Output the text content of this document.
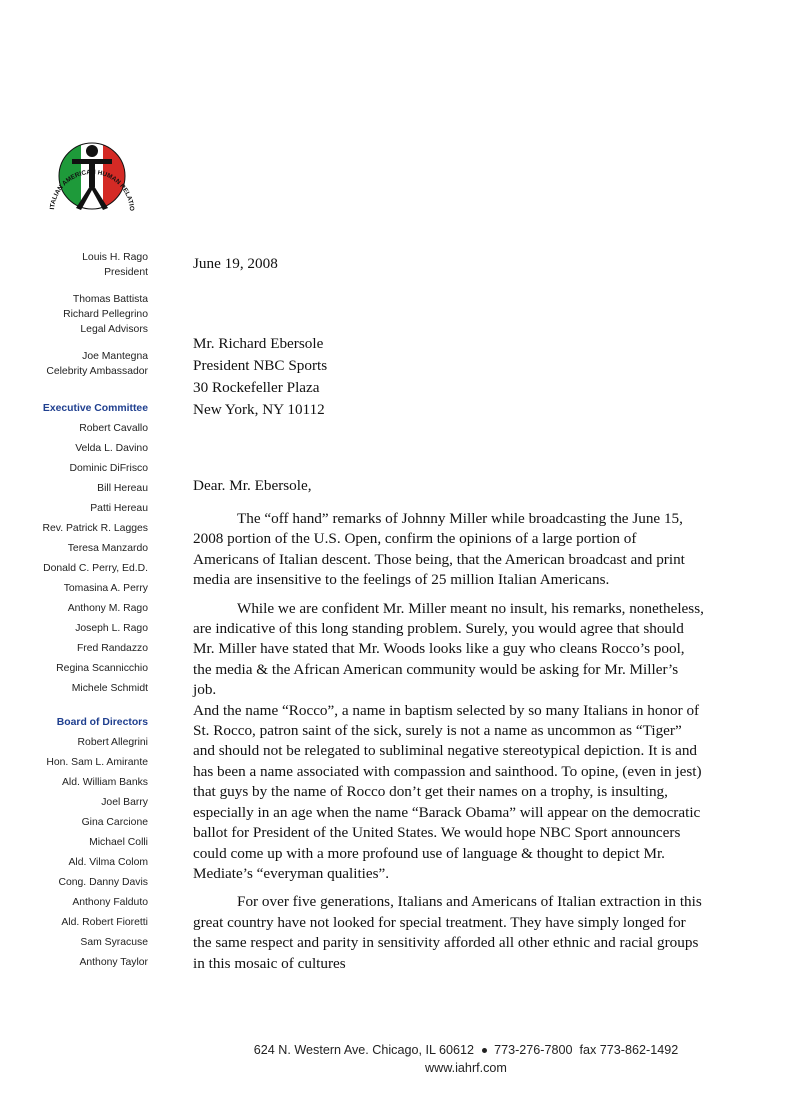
ITALIAN AMERICAN HUMAN RELATIO
Louis H. Rago
President
Thomas Battista
Richard Pellegrino
Legal Advisors
Joe Mantegna
Celebrity Ambassador
Executive Committee
Robert Cavallo
Velda L. Davino
Dominic DiFrisco
Bill Hereau
Patti Hereau
Rev. Patrick R. Lagges
Teresa Manzardo
Donald C. Perry, Ed.D.
Tomasina A. Perry
Anthony M. Rago
Joseph L. Rago
Fred Randazzo
Regina Scannicchio
Michele Schmidt
Board of Directors
Robert Allegrini
Hon. Sam L. Amirante
Ald. William Banks
Joel Barry
Gina Carcione
Michael Colli
Ald. Vilma Colom
Cong. Danny Davis
Anthony Falduto
Ald. Robert Fioretti
Sam Syracuse
Anthony Taylor
June 19, 2008
Mr. Richard Ebersole
President NBC Sports
30 Rockefeller Plaza
New York, NY 10112
Dear. Mr. Ebersole,

The “off hand” remarks of Johnny Miller while broadcasting the June 15, 2008 portion of the U.S. Open, confirm the opinions of a large portion of Americans of Italian descent. Those being, that the American broadcast and print media are insensitive to the feelings of 25 million Italian Americans.

While we are confident Mr. Miller meant no insult, his remarks, nonetheless, are indicative of this long standing problem. Surely, you would agree that should Mr. Miller have stated that Mr. Woods looks like a guy who cleans Rocco’s pool, the media & the African American community would be asking for Mr. Miller’s job.

And the name “Rocco”, a name in baptism selected by so many Italians in honor of St. Rocco, patron saint of the sick, surely is not a name as uncommon as “Tiger” and should not be relegated to subliminal negative stereotypical depiction. It is and has been a name associated with compassion and sainthood. To opine, (even in jest) that guys by the name of Rocco don’t get their names on a trophy, is insulting, especially in an age when the name “Barack Obama” will appear on the democratic ballot for President of the United States. We would hope NBC Sport announcers could come up with a more profound use of language & thought to depict Mr. Mediate’s “everyman qualities”.

For over five generations, Italians and Americans of Italian extraction in this great country have not looked for special treatment. They have simply longed for the same respect and parity in sensitivity afforded all other ethnic and racial groups in this mosaic of cultures

624 N. Western Ave. Chicago, IL 60612 773-276-7800 fax 773-862-1492
www.iahrf.com
